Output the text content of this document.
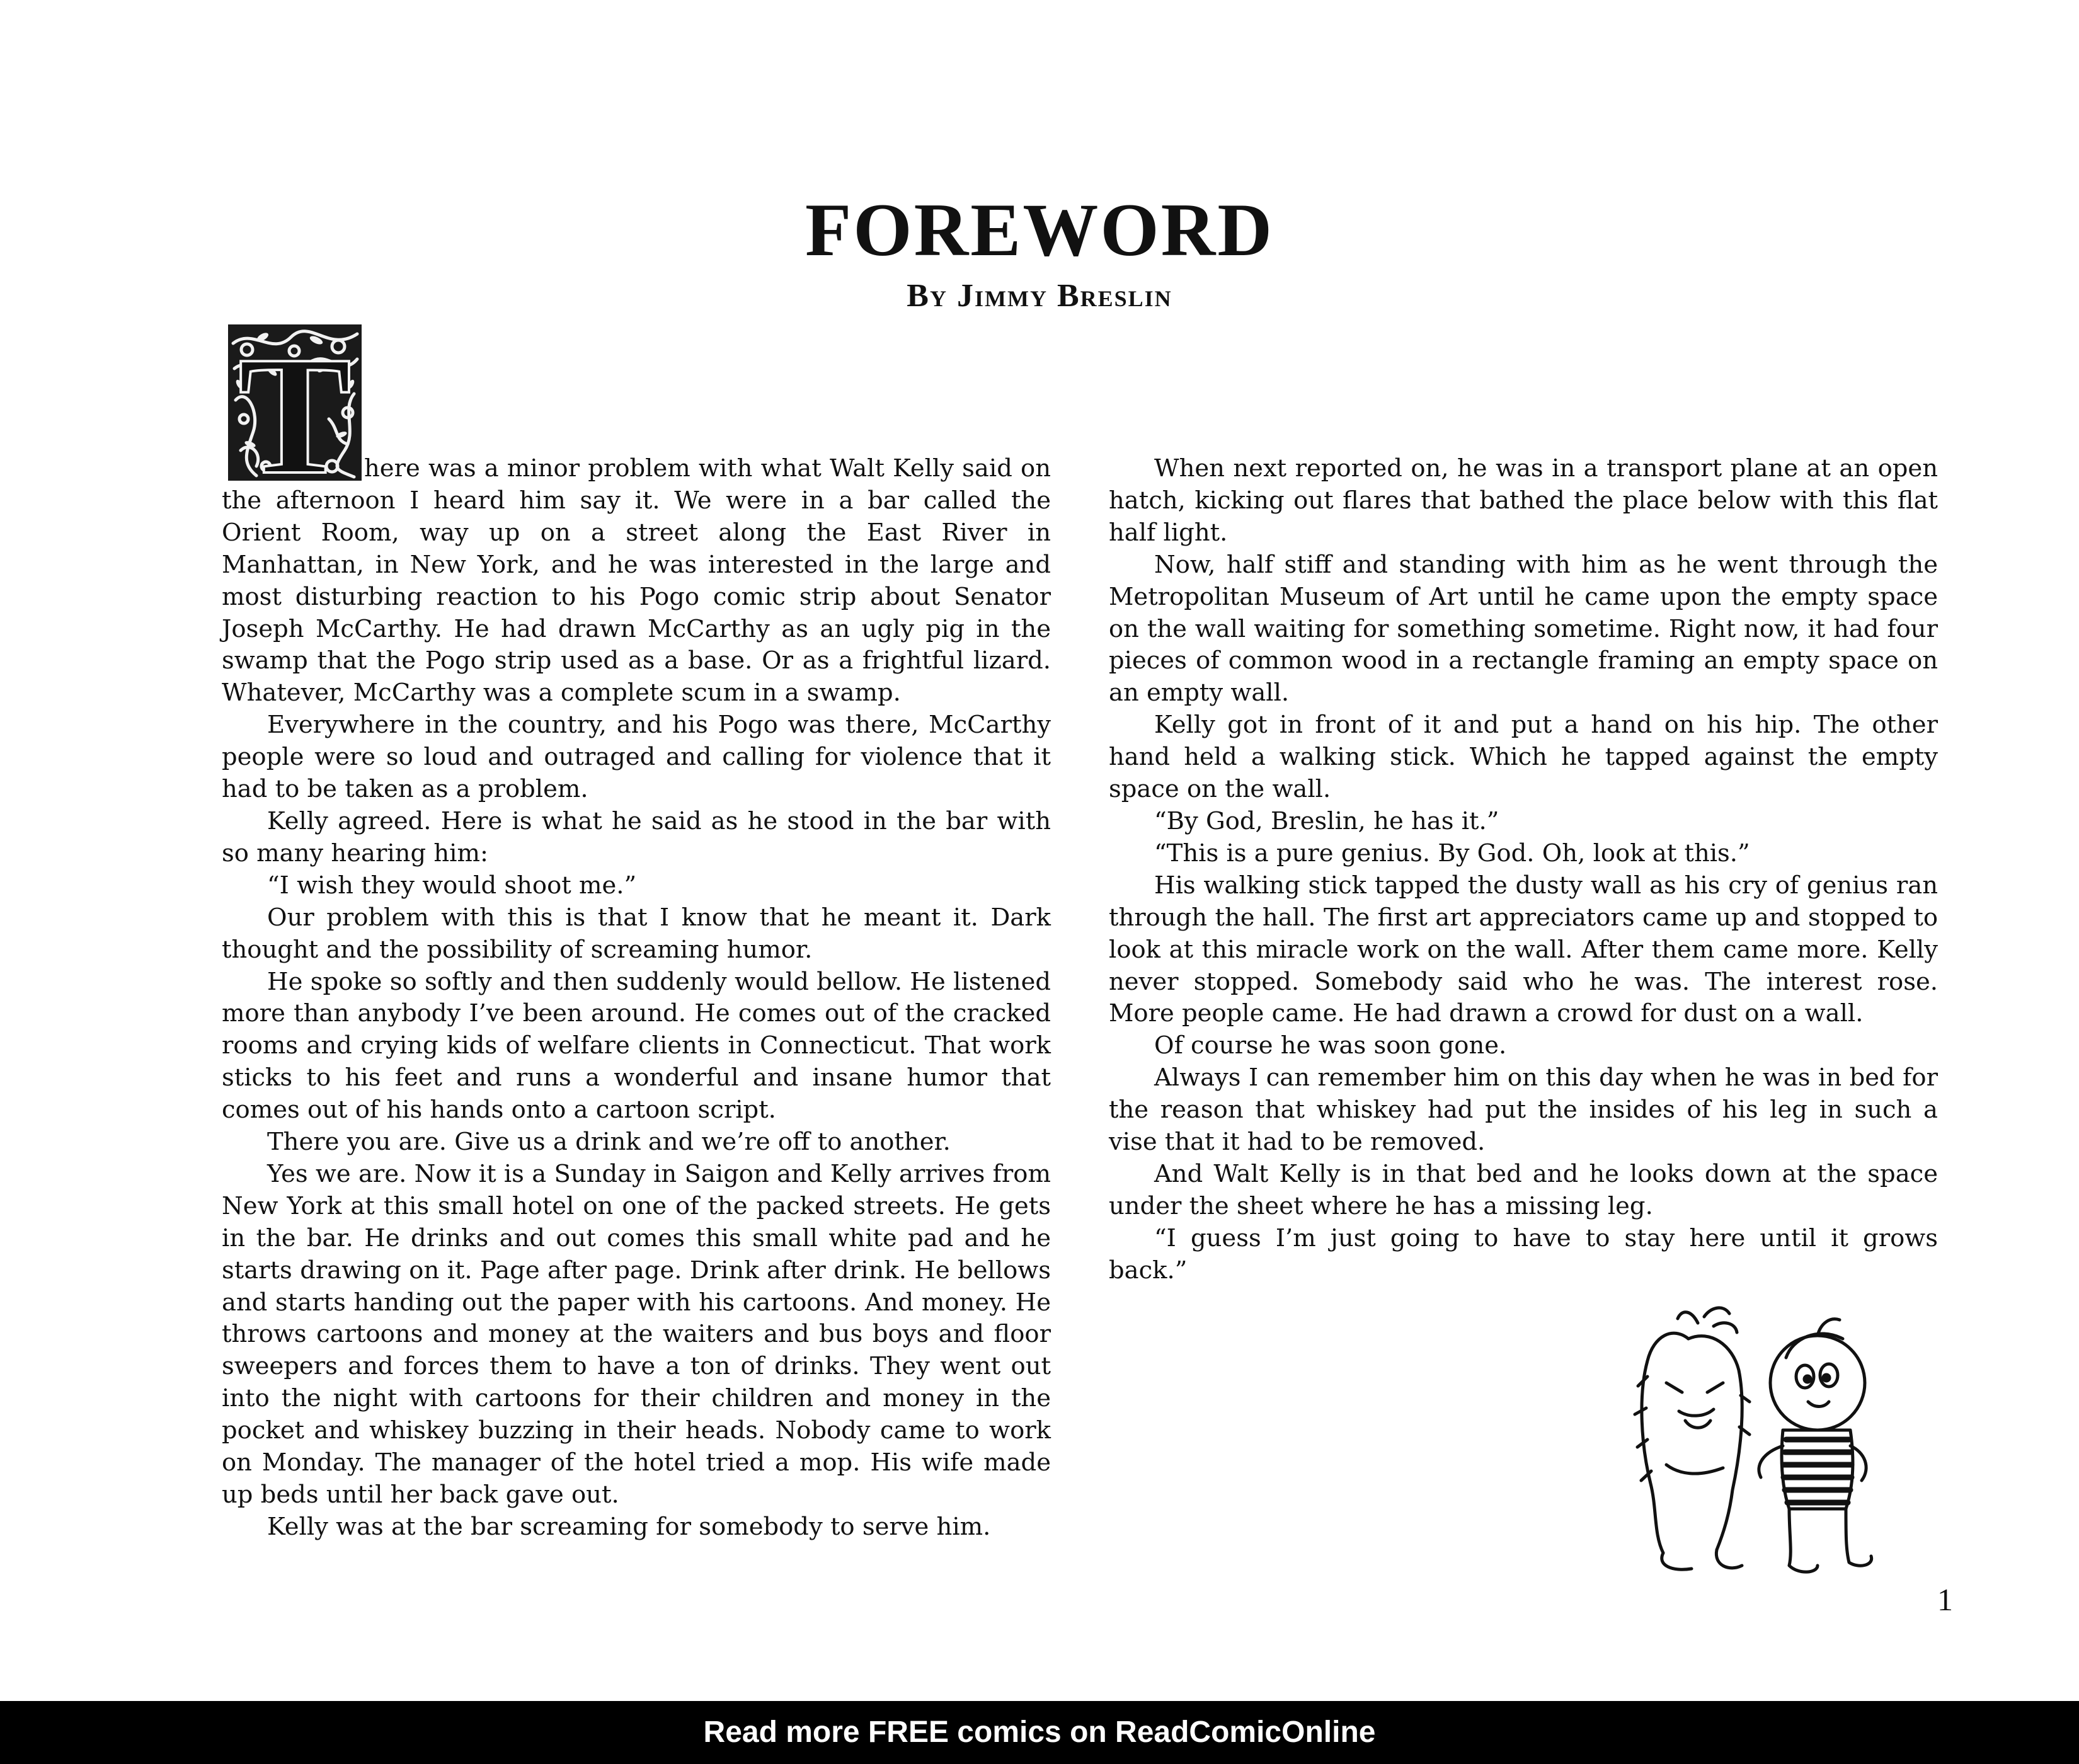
FOREWORD
By Jimmy Breslin
T here was a minor problem with what Walt Kelly said on the afternoon I heard him say it. We were in a bar called the Orient Room, way up on a street along the East River in Manhattan, in New York, and he was interested in the large and most disturbing reaction to his Pogo comic strip about Senator Joseph McCarthy. He had drawn McCarthy as an ugly pig in the swamp that the Pogo strip used as a base. Or as a frightful lizard. Whatever, McCarthy was a complete scum in a swamp.

Everywhere in the country, and his Pogo was there, McCarthy people were so loud and outraged and calling for violence that it had to be taken as a problem.

Kelly agreed. Here is what he said as he stood in the bar with so many hearing him:

“I wish they would shoot me.”

Our problem with this is that I know that he meant it. Dark thought and the possibility of screaming humor.

He spoke so softly and then suddenly would bellow. He listened more than anybody I’ve been around. He comes out of the cracked rooms and crying kids of welfare clients in Connecticut. That work sticks to his feet and runs a wonderful and insane humor that comes out of his hands onto a cartoon script.

There you are. Give us a drink and we’re off to another.

Yes we are. Now it is a Sunday in Saigon and Kelly arrives from New York at this small hotel on one of the packed streets. He gets in the bar. He drinks and out comes this small white pad and he starts drawing on it. Page after page. Drink after drink. He bellows and starts handing out the paper with his cartoons. And money. He throws cartoons and money at the waiters and bus boys and floor sweepers and forces them to have a ton of drinks. They went out into the night with cartoons for their children and money in the pocket and whiskey buzzing in their heads. Nobody came to work on Monday. The manager of the hotel tried a mop. His wife made up beds until her back gave out.

Kelly was at the bar screaming for somebody to serve him.

When next reported on, he was in a transport plane at an open hatch, kicking out flares that bathed the place below with this flat half light.

Now, half stiff and standing with him as he went through the Metropolitan Museum of Art until he came upon the empty space on the wall waiting for something sometime. Right now, it had four pieces of common wood in a rectangle framing an empty space on an empty wall.

Kelly got in front of it and put a hand on his hip. The other hand held a walking stick. Which he tapped against the empty space on the wall.

“By God, Breslin, he has it.”

“This is a pure genius. By God. Oh, look at this.”

His walking stick tapped the dusty wall as his cry of genius ran through the hall. The first art appreciators came up and stopped to look at this miracle work on the wall. After them came more. Kelly never stopped. Somebody said who he was. The interest rose. More people came. He had drawn a crowd for dust on a wall.

Of course he was soon gone.

Always I can remember him on this day when he was in bed for the reason that whiskey had put the insides of his leg in such a vise that it had to be removed.

And Walt Kelly is in that bed and he looks down at the space under the sheet where he has a missing leg.

“I guess I’m just going to have to stay here until it grows back.”

1
Read more FREE comics on ReadComicOnline
